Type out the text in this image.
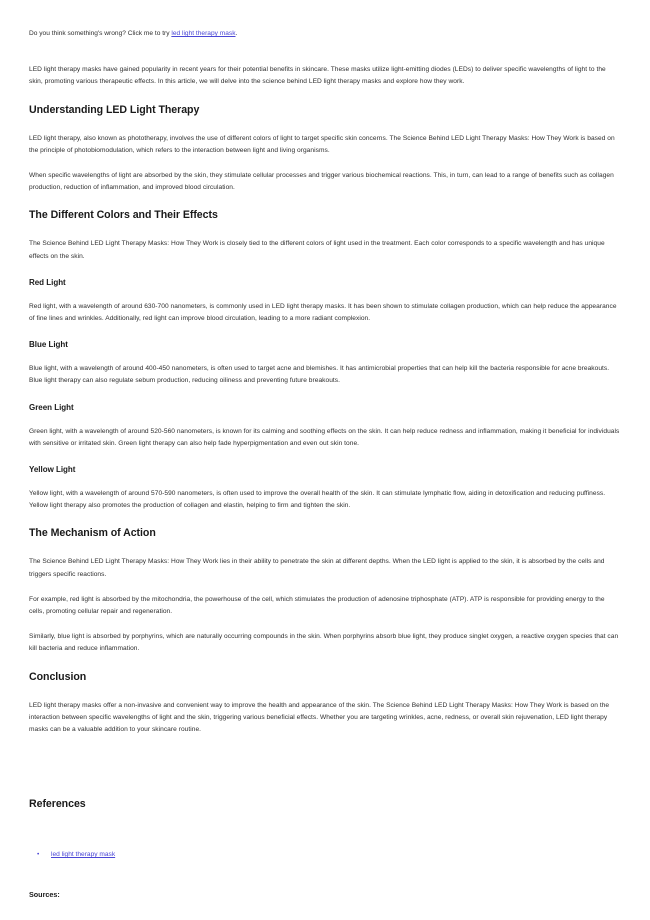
Do you think something's wrong? Click me to try led light therapy mask.

LED light therapy masks have gained popularity in recent years for their potential benefits in skincare. These masks utilize light-emitting diodes (LEDs) to deliver specific wavelengths of light to the skin, promoting various therapeutic effects. In this article, we will delve into the science behind LED light therapy masks and explore how they work.

Understanding LED Light Therapy

LED light therapy, also known as phototherapy, involves the use of different colors of light to target specific skin concerns. The Science Behind LED Light Therapy Masks: How They Work is based on the principle of photobiomodulation, which refers to the interaction between light and living organisms.

When specific wavelengths of light are absorbed by the skin, they stimulate cellular processes and trigger various biochemical reactions. This, in turn, can lead to a range of benefits such as collagen production, reduction of inflammation, and improved blood circulation.

The Different Colors and Their Effects

The Science Behind LED Light Therapy Masks: How They Work is closely tied to the different colors of light used in the treatment. Each color corresponds to a specific wavelength and has unique effects on the skin.

Red Light

Red light, with a wavelength of around 630-700 nanometers, is commonly used in LED light therapy masks. It has been shown to stimulate collagen production, which can help reduce the appearance of fine lines and wrinkles. Additionally, red light can improve blood circulation, leading to a more radiant complexion.

Blue Light

Blue light, with a wavelength of around 400-450 nanometers, is often used to target acne and blemishes. It has antimicrobial properties that can help kill the bacteria responsible for acne breakouts. Blue light therapy can also regulate sebum production, reducing oiliness and preventing future breakouts.

Green Light

Green light, with a wavelength of around 520-560 nanometers, is known for its calming and soothing effects on the skin. It can help reduce redness and inflammation, making it beneficial for individuals with sensitive or irritated skin. Green light therapy can also help fade hyperpigmentation and even out skin tone.

Yellow Light

Yellow light, with a wavelength of around 570-590 nanometers, is often used to improve the overall health of the skin. It can stimulate lymphatic flow, aiding in detoxification and reducing puffiness. Yellow light therapy also promotes the production of collagen and elastin, helping to firm and tighten the skin.

The Mechanism of Action

The Science Behind LED Light Therapy Masks: How They Work lies in their ability to penetrate the skin at different depths. When the LED light is applied to the skin, it is absorbed by the cells and triggers specific reactions.

For example, red light is absorbed by the mitochondria, the powerhouse of the cell, which stimulates the production of adenosine triphosphate (ATP). ATP is responsible for providing energy to the cells, promoting cellular repair and regeneration.

Similarly, blue light is absorbed by porphyrins, which are naturally occurring compounds in the skin. When porphyrins absorb blue light, they produce singlet oxygen, a reactive oxygen species that can kill bacteria and reduce inflammation.

Conclusion

LED light therapy masks offer a non-invasive and convenient way to improve the health and appearance of the skin. The Science Behind LED Light Therapy Masks: How They Work is based on the interaction between specific wavelengths of light and the skin, triggering various beneficial effects. Whether you are targeting wrinkles, acne, redness, or overall skin rejuvenation, LED light therapy masks can be a valuable addition to your skincare routine.

References
• led light therapy mask

Sources:
